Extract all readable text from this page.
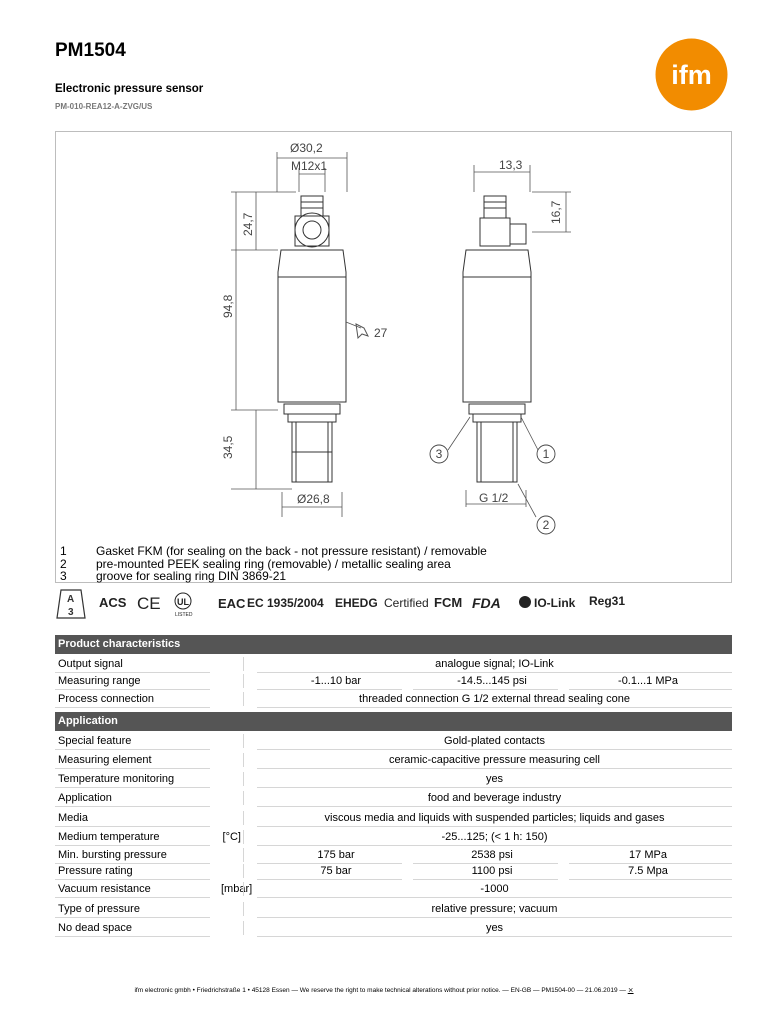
PM1504
Electronic pressure sensor
PM-010-REA12-A-ZVG/US
ifm
Ø30,2
M12x1
24,7
94,8
27
34,5
Ø26,8
13,3
16,7
G 1/2
3	1
2
1	Gasket FKM (for sealing on the back - not pressure resistant) / removable
2	pre-mounted PEEK sealing ring (removable) / metallic sealing area
3	groove for sealing ring DIN 3869-21
A
3
ACS CE UL
LISTED
EAC EC 1935/2004 EHEDG Certified FCM FDA	IO-Link Reg31
Product characteristics
Output signal	analogue signal; IO-Link
Measuring range	-1...10 bar	-14.5...145 psi	-0.1...1 MPa
Process connection	threaded connection G 1/2 external thread sealing cone
Application
Special feature	Gold-plated contacts
Measuring element	ceramic-capacitive pressure measuring cell
Temperature monitoring	yes
Application	food and beverage industry
Media	viscous media and liquids with suspended particles; liquids and gases
Medium temperature	[°C]	-25...125; (< 1 h: 150)
Min. bursting pressure	175 bar	2538 psi	17 MPa
Pressure rating	75 bar	1100 psi	7.5 Mpa
Vacuum resistance	[mbar]	-1000
Type of pressure	relative pressure; vacuum
No dead space	yes
ifm electronic gmbh • Friedrichstraße 1 • 45128 Essen — We reserve the right to make technical alterations without prior notice. — EN-GB — PM1504-00 — 21.06.2019 — ⨯
